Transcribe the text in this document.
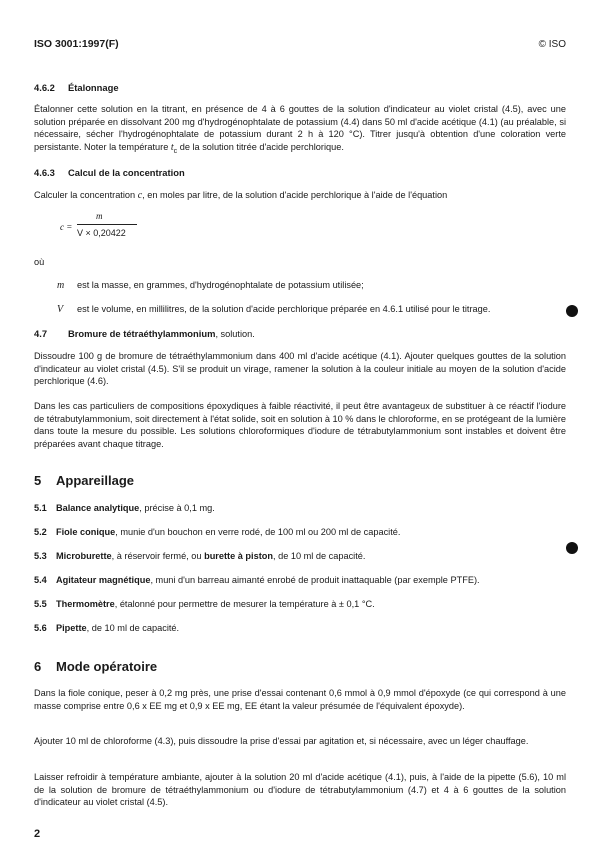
ISO 3001:1997(F)	© ISO
4.6.2 Étalonnage
Étalonner cette solution en la titrant, en présence de 4 à 6 gouttes de la solution d'indicateur au violet cristal (4.5), avec une solution préparée en dissolvant 200 mg d'hydrogénophtalate de potassium (4.4) dans 50 ml d'acide acétique (4.1) (au préalable, si nécessaire, sécher l'hydrogénophtalate de potassium durant 2 h à 120 °C). Titrer jusqu'à obtention d'une coloration verte persistante. Noter la température $t_c$ de la solution titrée d'acide perchlorique.
4.6.3 Calcul de la concentration
Calculer la concentration c, en moles par litre, de la solution d'acide perchlorique à l'aide de l'équation
c =
m
V × 0,20422
où
m est la masse, en grammes, d'hydrogénophtalate de potassium utilisée;
V est le volume, en millilitres, de la solution d'acide perchlorique préparée en 4.6.1 utilisé pour le titrage.
4.7 Bromure de tétraéthylammonium, solution.
Dissoudre 100 g de bromure de tétraéthylammonium dans 400 ml d'acide acétique (4.1). Ajouter quelques gouttes de la solution d'indicateur au violet cristal (4.5). S'il se produit un virage, ramener la solution à la couleur initiale au moyen de la solution d'acide perchlorique (4.6).
Dans les cas particuliers de compositions époxydiques à faible réactivité, il peut être avantageux de substituer à ce réactif l'iodure de tétrabutylammonium, soit directement à l'état solide, soit en solution à 10 % dans le chloroforme, en se protégeant de la lumière dans toute la mesure du possible. Les solutions chloroformiques d'iodure de tétrabutylammonium sont instables et doivent être préparées avant chaque titrage.
5 Appareillage
5.1 Balance analytique, précise à 0,1 mg.
5.2 Fiole conique, munie d'un bouchon en verre rodé, de 100 ml ou 200 ml de capacité.
5.3 Microburette, à réservoir fermé, ou burette à piston, de 10 ml de capacité.
5.4 Agitateur magnétique, muni d'un barreau aimanté enrobé de produit inattaquable (par exemple PTFE).
5.5 Thermomètre, étalonné pour permettre de mesurer la température à ± 0,1 °C.
5.6 Pipette, de 10 ml de capacité.
6 Mode opératoire
Dans la fiole conique, peser à 0,2 mg près, une prise d'essai contenant 0,6 mmol à 0,9 mmol d'époxyde (ce qui correspond à une masse comprise entre 0,6 x EE mg et 0,9 x EE mg, EE étant la valeur présumée de l'équivalent époxyde).
Ajouter 10 ml de chloroforme (4.3), puis dissoudre la prise d'essai par agitation et, si nécessaire, avec un léger chauffage.
Laisser refroidir à température ambiante, ajouter à la solution 20 ml d'acide acétique (4.1), puis, à l'aide de la pipette (5.6), 10 ml de la solution de bromure de tétraéthylammonium ou d'iodure de tétrabutylammonium (4.7) et 4 à 6 gouttes de la solution d'indicateur au violet cristal (4.5).
2
